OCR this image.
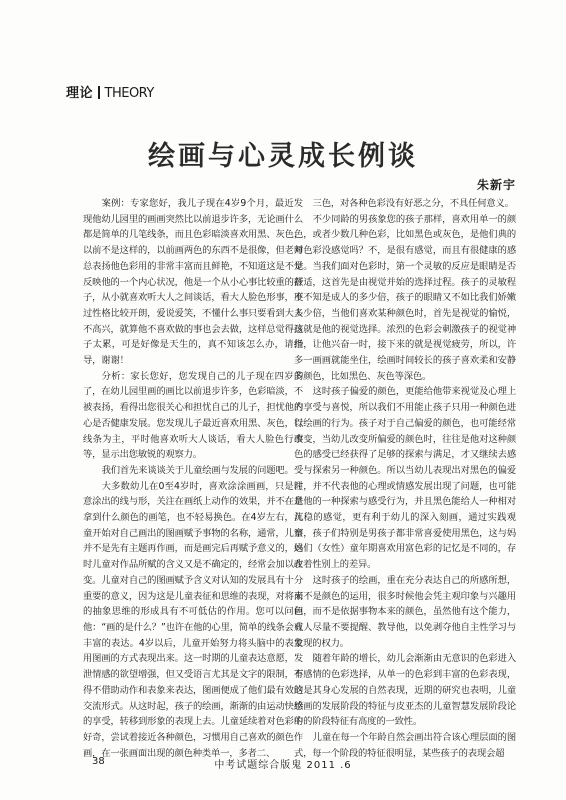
理论 THEORY
绘画与心灵成长例谈
朱新宇

案例：专家您好，我儿子现在4岁9个月，最近发现他幼儿园里的画画突然比以前退步许多，无论画什么都是简单的几笔线条，而且色彩暗淡喜欢用黑、灰色，以前不是这样的，以前画两色的东西不是很像，但老师总表扬他色彩用的非常丰富而且鲜艳，不知道这是不是反映他的一个内心状况，他是一个从小心事比较重的孩子，从小就喜欢听大人之间谈话，看大人脸色形事，不过性格比较开朗，爱说爱笑，不懂什么事只要看到大人不高兴，就算他不喜欢做的事也会去做，这样总觉得孩子太累，可是好像是天生的，真不知该怎么办，请指导，谢谢！

分析：家长您好，您发现自己的儿子现在四岁多了，在幼儿园里画的画比以前退步许多，色彩暗淡，不被表扬，看得出您很关心和担忧自己的儿子，担忧他内心是否健康发展。您发现儿子最近喜欢用黑、灰色，以线条为主，平时他喜欢听大人谈话，看大人脸色行事等，显示出您敏锐的观察力。

我们首先来谈谈关于儿童绘画与发展的问题吧。

大多数幼儿在0至4岁时，喜欢涂涂画画，只是注意涂出的线与形，关注在画纸上动作的效果，并不在意拿到什么颜色的画笔，也不轻易换色。在4岁左右，儿童开始对自己画出的图画赋予事物的名称，通常，儿童并不是先有主题再作画，而是画完后再赋予意义的，这时儿童对作品所赋的含义又是不确定的，经常会加以改变。儿童对自己的图画赋予含义对认知的发展具有十分重要的意义，因为这是儿童表征和思维的表现，对将来的抽象思维的形成具有不可低估的作用。您可以问问他：“画的是什么？”也许在他的心里，简单的线条会有丰富的表达。4岁以后，儿童开始努力将头脑中的表象用图画的方式表现出来。这一时期的儿童表达意愿，发泄情感的欲望增强，但又受语言尤其是文字的限制，不得不借助动作和表象来表达，图画便成了他们最有效的交流形式。从这时起，孩子的绘画，渐渐的由运动快感的享受，转移到形象的表现上去。儿童延续着对色彩的好奇，尝试着接近各种颜色，习惯用自己喜欢的颜色作画，在一张画面出现的颜色种类单一，多者二、

三色，对各种色彩没有好恶之分，不具任何意义。

不少同龄的男孩象您的孩子那样，喜欢用单一的颜色，或者少数几种色彩，比如黑色或灰色，是他们典的对色彩没感觉吗？不，是很有感觉，而且有很健康的感觉。当我们面对色彩时，第一个灵敏的反应是眼睛是否舒适，这首先是由视觉并始的选择过程。孩子的灵敏程度不知是成人的多少倍，孩子的眼睛又不如比我们娇嫩多少倍，当他们喜欢某种颜色时，首先是视觉的愉悦，这就是他的视觉选择。浓烈的色彩会刺激孩子的视觉神经，让他兴奋一时，接下来的就是视觉疲劳，所以，许多一画画就能坐住，绘画时间较长的孩子喜欢柔和安静的颜色，比如黑色、灰色等深色。

这时孩子偏爱的颜色，更能给他带来视觉及心理上的享受与喜悦，所以我们不用能止孩子只用一种颜色进行绘画的行为。孩子对于自己偏爱的颜色，也可能经常改变，当幼儿改变所偏爱的颜色时，往往是他对这种颜色的感受已经获得了足够的探索与满足，才又继续去感受与探索另一种颜色。所以当幼儿表现出对黑色的偏爱时，并不代表他的心理或情感发展出现了问题，也可能是他的一种探索与感受行为，并且黑色能给人一种相对沉稳的感觉，更有利于幼儿的深入刻画，通过实践观察，孩子们特别是男孩子都非常喜爱使用黑色，这与妈妈们（女性）童年期喜欢用富色彩的记忆是不同的，存在着性别上的差异。

这时孩子的绘画，重在充分表达自己的所感所想，而不是颜色的运用，很多时候他会凭主观印象与兴趣用色，而不是依据事物本来的颜色，虽然他有这个能力，成人尽量不要提醒、教导他，以免剥夺他自主性学习与发现的权力。

随着年龄的增长，幼儿会渐渐由无意识的色彩进入有感情的色彩选择，从单一的色彩到丰富的色彩表现，这是其身心发展的自然表现，近期的研究也表明，儿童绘画的发展阶段的特征与皮亚杰的儿童智慧发展阶段论中的阶段特征有高度的一致性。

儿童在每一个年龄自然会画出符合该心理层面的图式，每一个阶段的特征很明显，某些孩子的表现会超

38	中考试题综合版鬼 2011 .6
